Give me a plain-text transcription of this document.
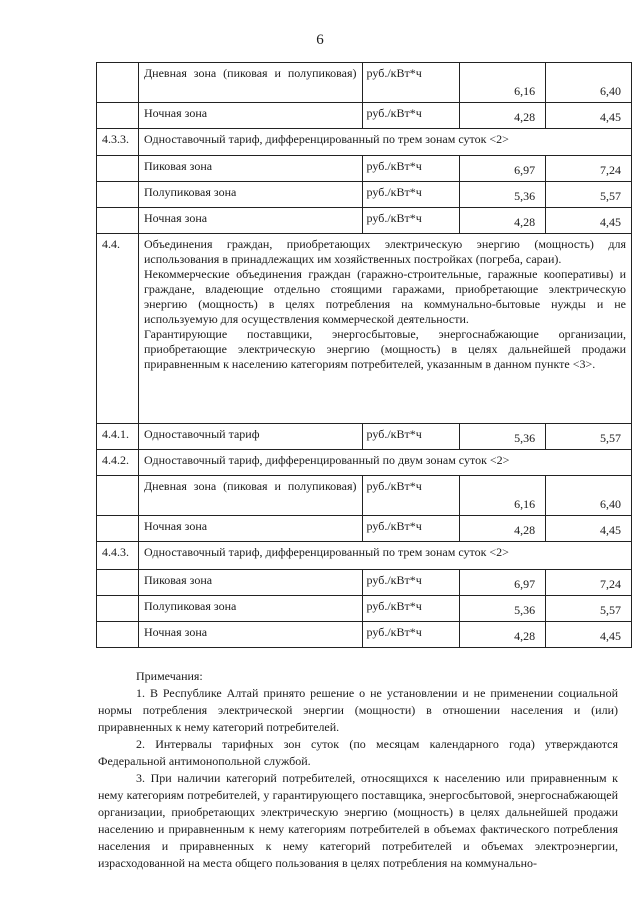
6
	Дневная зона (пиковая и полупиковая)	руб./кВт*ч	6,16	6,40
	Ночная зона	руб./кВт*ч	4,28	4,45
4.3.3.	Одноставочный тариф, дифференцированный по трем зонам суток <2>			
	Пиковая зона	руб./кВт*ч	6,97	7,24
	Полупиковая зона	руб./кВт*ч	5,36	5,57
	Ночная зона	руб./кВт*ч	4,28	4,45
4.4.	Объединения граждан, приобретающих электрическую энергию (мощность) для использования в принадлежащих им хозяйственных постройках (погреба, сараи).
Некоммерческие объединения граждан (гаражно-строительные, гаражные кооперативы) и граждане, владеющие отдельно стоящими гаражами, приобретающие электрическую энергию (мощность) в целях потребления на коммунально-бытовые нужды и не используемую для осуществления коммерческой деятельности.
Гарантирующие поставщики, энергосбытовые, энергоснабжающие организации, приобретающие электрическую энергию (мощность) в целях дальнейшей продажи приравненным к населению категориям потребителей, указанным в данном пункте <3>.			

4.4.1.	Одноставочный тариф	руб./кВт*ч	5,36	5,57
4.4.2.	Одноставочный тариф, дифференцированный по двум зонам суток <2>			
	Дневная зона (пиковая и полупиковая)	руб./кВт*ч	6,16	6,40
	Ночная зона	руб./кВт*ч	4,28	4,45
4.4.3.	Одноставочный тариф, дифференцированный по трем зонам суток <2>			
	Пиковая зона	руб./кВт*ч	6,97	7,24
	Полупиковая зона	руб./кВт*ч	5,36	5,57
	Ночная зона	руб./кВт*ч	4,28	4,45

Примечания:

1. В Республике Алтай принято решение о не установлении и не применении социальной нормы потребления электрической энергии (мощности) в отношении населения и (или) приравненных к нему категорий потребителей.

2. Интервалы тарифных зон суток (по месяцам календарного года) утверждаются Федеральной антимонопольной службой.

3. При наличии категорий потребителей, относящихся к населению или приравненным к нему категориям потребителей, у гарантирующего поставщика, энергосбытовой, энергоснабжающей организации, приобретающих электрическую энергию (мощность) в целях дальнейшей продажи населению и приравненным к нему категориям потребителей в объемах фактического потребления населения и приравненных к нему категорий потребителей и объемах электроэнергии, израсходованной на места общего пользования в целях потребления на коммунально-
